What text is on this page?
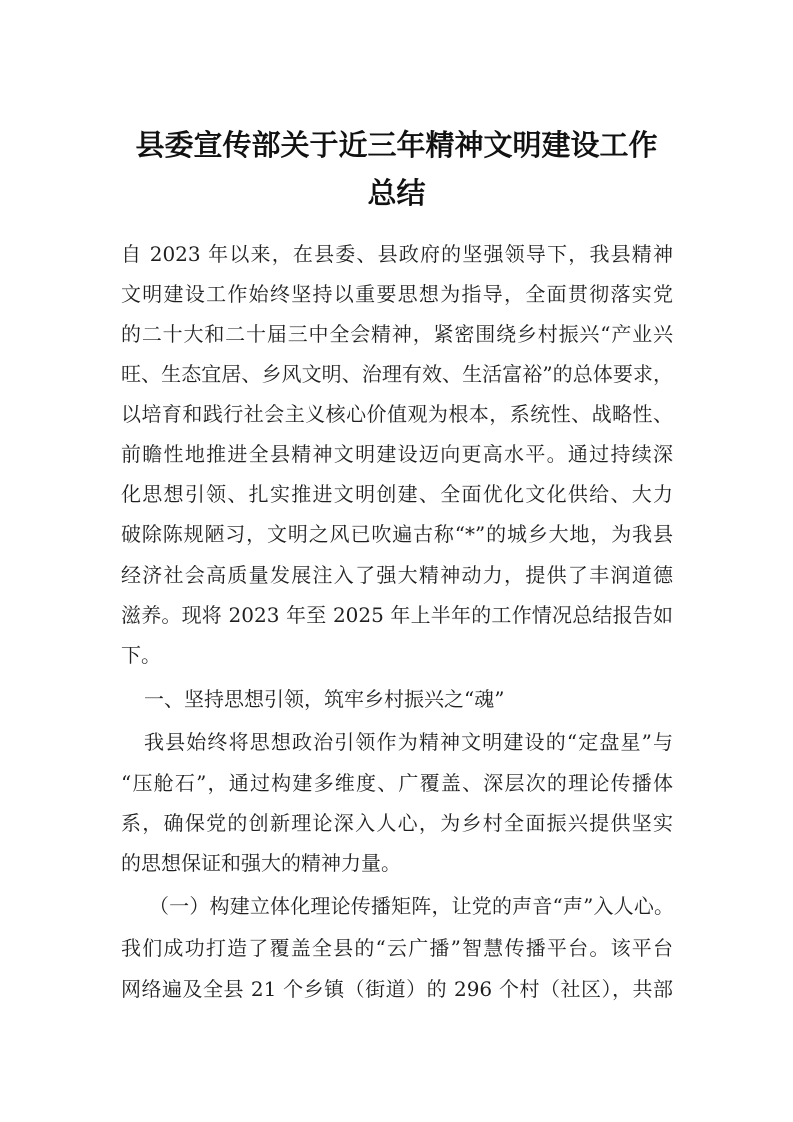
县委宣传部关于近三年精神文明建设工作
总结

自 2023 年以来，在县委、县政府的坚强领导下，我县精神

文明建设工作始终坚持以重要思想为指导，全面贯彻落实党

的二十大和二十届三中全会精神，紧密围绕乡村振兴“产业兴

旺、生态宜居、乡风文明、治理有效、生活富裕”的总体要求，

以培育和践行社会主义核心价值观为根本，系统性、战略性、

前瞻性地推进全县精神文明建设迈向更高水平。通过持续深

化思想引领、扎实推进文明创建、全面优化文化供给、大力

破除陈规陋习，文明之风已吹遍古称“*”的城乡大地，为我县

经济社会高质量发展注入了强大精神动力，提供了丰润道德

滋养。现将 2023 年至 2025 年上半年的工作情况总结报告如

下。

一、坚持思想引领，筑牢乡村振兴之“魂”

我县始终将思想政治引领作为精神文明建设的“定盘星”与

“压舱石”，通过构建多维度、广覆盖、深层次的理论传播体

系，确保党的创新理论深入人心，为乡村全面振兴提供坚实

的思想保证和强大的精神力量。

（一）构建立体化理论传播矩阵，让党的声音“声”入人心。

我们成功打造了覆盖全县的“云广播”智慧传播平台。该平台

网络遍及全县 21 个乡镇（街道）的 296 个村（社区），共部
